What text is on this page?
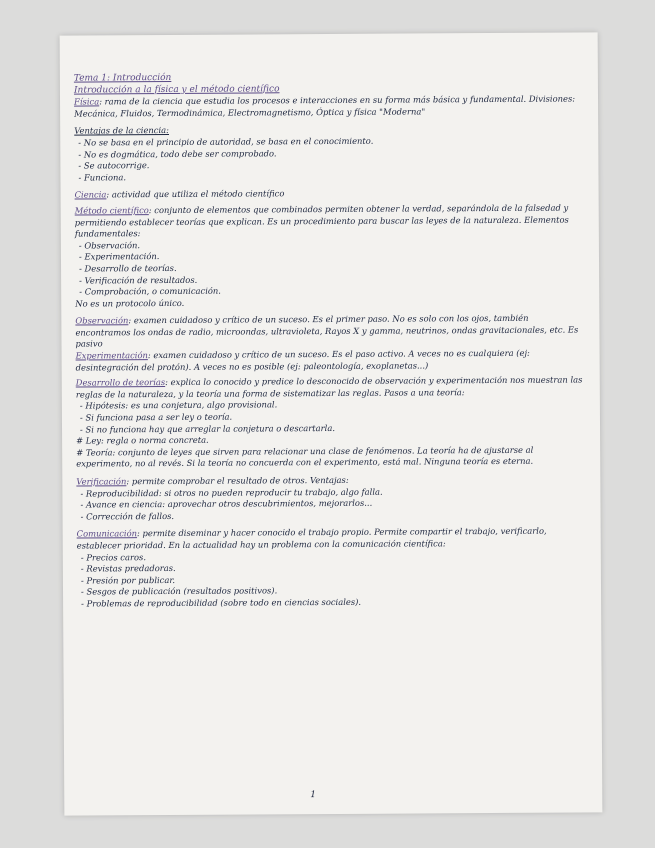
Tema 1: Introducción

Introducción a la física y el método científico

Física: rama de la ciencia que estudia los procesos e interacciones en su forma más básica y fundamental. Divisiones: Mecánica, Fluidos, Termodinámica, Electromagnetismo, Óptica y física "Moderna"

Ventajas de la ciencia:

- No se basa en el principio de autoridad, se basa en el conocimiento.

- No es dogmática, todo debe ser comprobado.

- Se autocorrige.

- Funciona.

Ciencia: actividad que utiliza el método científico

Método científico: conjunto de elementos que combinados permiten obtener la verdad, separándola de la falsedad y permitiendo establecer teorías que explican. Es un procedimiento para buscar las leyes de la naturaleza. Elementos fundamentales:

- Observación.

- Experimentación.

- Desarrollo de teorías.

- Verificación de resultados.

- Comprobación, o comunicación.

No es un protocolo único.

Observación: examen cuidadoso y crítico de un suceso. Es el primer paso. No es solo con los ojos, también encontramos los ondas de radio, microondas, ultravioleta, Rayos X y gamma, neutrinos, ondas gravitacionales, etc. Es pasivo

Experimentación: examen cuidadoso y crítico de un suceso. Es el paso activo. A veces no es cualquiera (ej: desintegración del protón). A veces no es posible (ej: paleontología, exoplanetas...)

Desarrollo de teorías: explica lo conocido y predice lo desconocido de observación y experimentación nos muestran las reglas de la naturaleza, y la teoría una forma de sistematizar las reglas. Pasos a una teoría:

- Hipótesis: es una conjetura, algo provisional.

- Si funciona pasa a ser ley o teoría.

- Si no funciona hay que arreglar la conjetura o descartarla.

# Ley: regla o norma concreta.

# Teoría: conjunto de leyes que sirven para relacionar una clase de fenómenos. La teoría ha de ajustarse al experimento, no al revés. Si la teoría no concuerda con el experimento, está mal. Ninguna teoría es eterna.

Verificación: permite comprobar el resultado de otros. Ventajas:

- Reproducibilidad: si otros no pueden reproducir tu trabajo, algo falla.

- Avance en ciencia: aprovechar otros descubrimientos, mejorarlos...

- Corrección de fallos.

Comunicación: permite diseminar y hacer conocido el trabajo propio. Permite compartir el trabajo, verificarlo, establecer prioridad. En la actualidad hay un problema con la comunicación científica:

- Precios caros.

- Revistas predadoras.

- Presión por publicar.

- Sesgos de publicación (resultados positivos).

- Problemas de reproducibilidad (sobre todo en ciencias sociales).

1
